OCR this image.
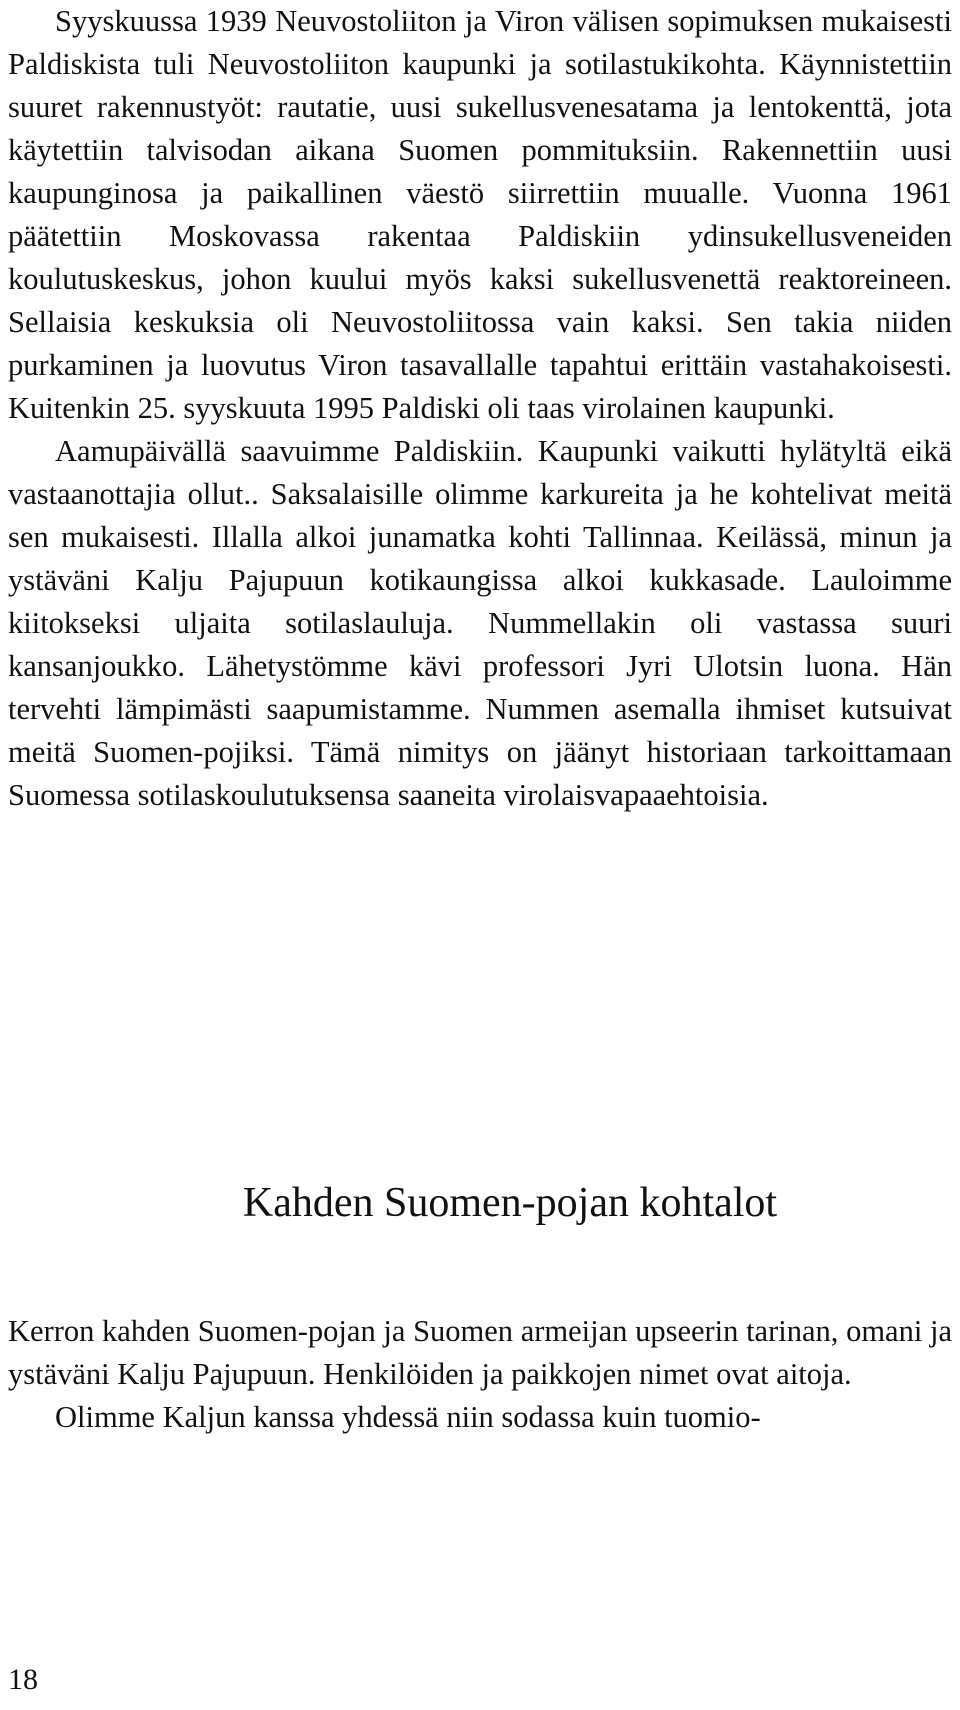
Syyskuussa 1939 Neuvostoliiton ja Viron välisen sopimuksen mukaisesti Paldiskista tuli Neuvostoliiton kaupunki ja sotilastukikohta. Käynnistettiin suuret rakennustyöt: rautatie, uusi sukellusvenesatama ja lentokenttä, jota käytettiin talvisodan aikana Suomen pommituksiin. Rakennettiin uusi kaupunginosa ja paikallinen väestö siirrettiin muualle. Vuonna 1961 päätettiin Moskovassa rakentaa Paldiskiin ydinsukellusveneiden koulutuskeskus, johon kuului myös kaksi sukellusvenettä reaktoreineen. Sellaisia keskuksia oli Neuvostoliitossa vain kaksi. Sen takia niiden purkaminen ja luovutus Viron tasavallalle tapahtui erittäin vastahakoisesti. Kuitenkin 25. syyskuuta 1995 Paldiski oli taas virolainen kaupunki.

Aamupäivällä saavuimme Paldiskiin. Kaupunki vaikutti hylätyltä eikä vastaanottajia ollut.. Saksalaisille olimme karkureita ja he kohtelivat meitä sen mukaisesti. Illalla alkoi junamatka kohti Tallinnaa. Keilässä, minun ja ystäväni Kalju Pajupuun kotikaungissa alkoi kukkasade. Lauloimme kiitokseksi uljaita sotilaslauluja. Nummellakin oli vastassa suuri kansanjoukko. Lähetystömme kävi professori Jyri Ulotsin luona. Hän tervehti lämpimästi saapumistamme. Nummen asemalla ihmiset kutsuivat meitä Suomen-pojiksi. Tämä nimitys on jäänyt historiaan tarkoittamaan Suomessa sotilaskoulutuksensa saaneita virolaisvapaaehtoisia.

Kahden Suomen-pojan kohtalot

Kerron kahden Suomen-pojan ja Suomen armeijan upseerin tarinan, omani ja ystäväni Kalju Pajupuun. Henkilöiden ja paikkojen nimet ovat aitoja.

Olimme Kaljun kanssa yhdessä niin sodassa kuin tuomio-

18
